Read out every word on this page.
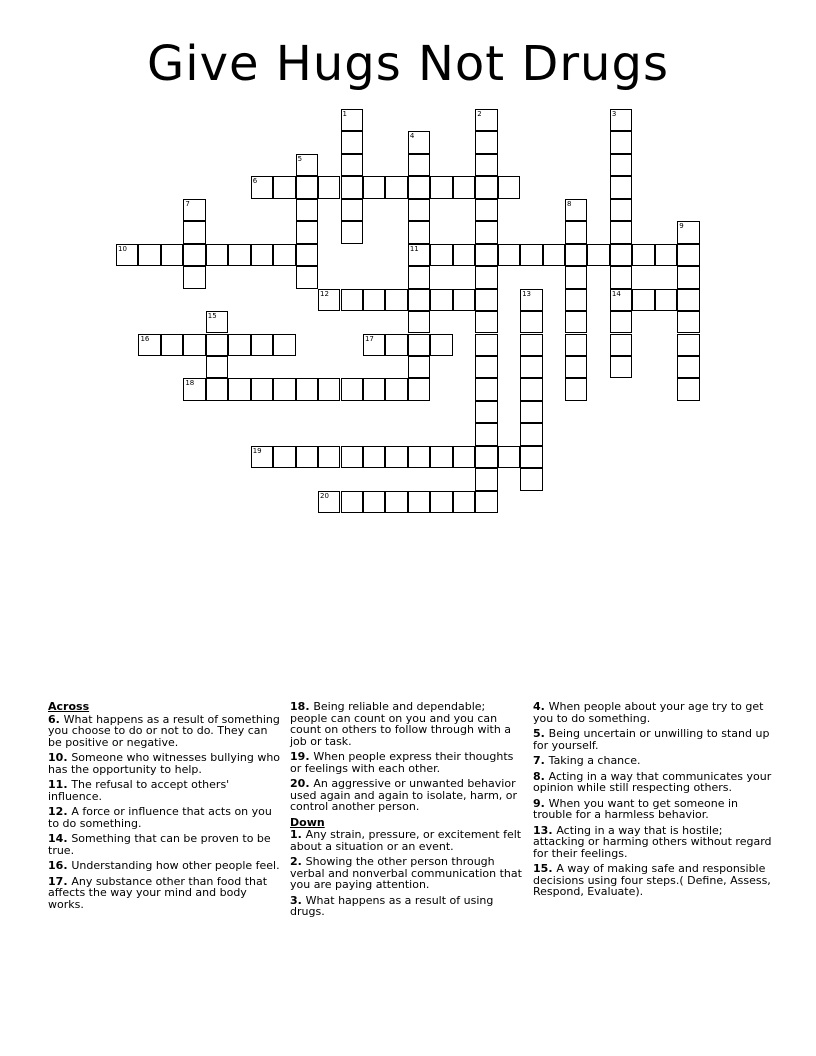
Give Hugs Not Drugs
1	2	3
4
5
6
7	8
9
10	11
12	13	14
15
16	17
18
19
20
Across
6. What happens as a result of something you choose to do or not to do. They can be positive or negative.
10. Someone who witnesses bullying who has the opportunity to help.
11. The refusal to accept others' influence.
12. A force or influence that acts on you to do something.
14. Something that can be proven to be true.
16. Understanding how other people feel.
17. Any substance other than food that affects the way your mind and body works.
18. Being reliable and dependable; people can count on you and you can count on others to follow through with a job or task.
19. When people express their thoughts or feelings with each other.
20. An aggressive or unwanted behavior used again and again to isolate, harm, or control another person.
Down
1. Any strain, pressure, or excitement felt about a situation or an event.
2. Showing the other person through verbal and nonverbal communication that you are paying attention.
3. What happens as a result of using drugs.
4. When people about your age try to get you to do something.
5. Being uncertain or unwilling to stand up for yourself.
7. Taking a chance.
8. Acting in a way that communicates your opinion while still respecting others.
9. When you want to get someone in trouble for a harmless behavior.
13. Acting in a way that is hostile; attacking or harming others without regard for their feelings.
15. A way of making safe and responsible decisions using four steps.( Define, Assess, Respond, Evaluate).
